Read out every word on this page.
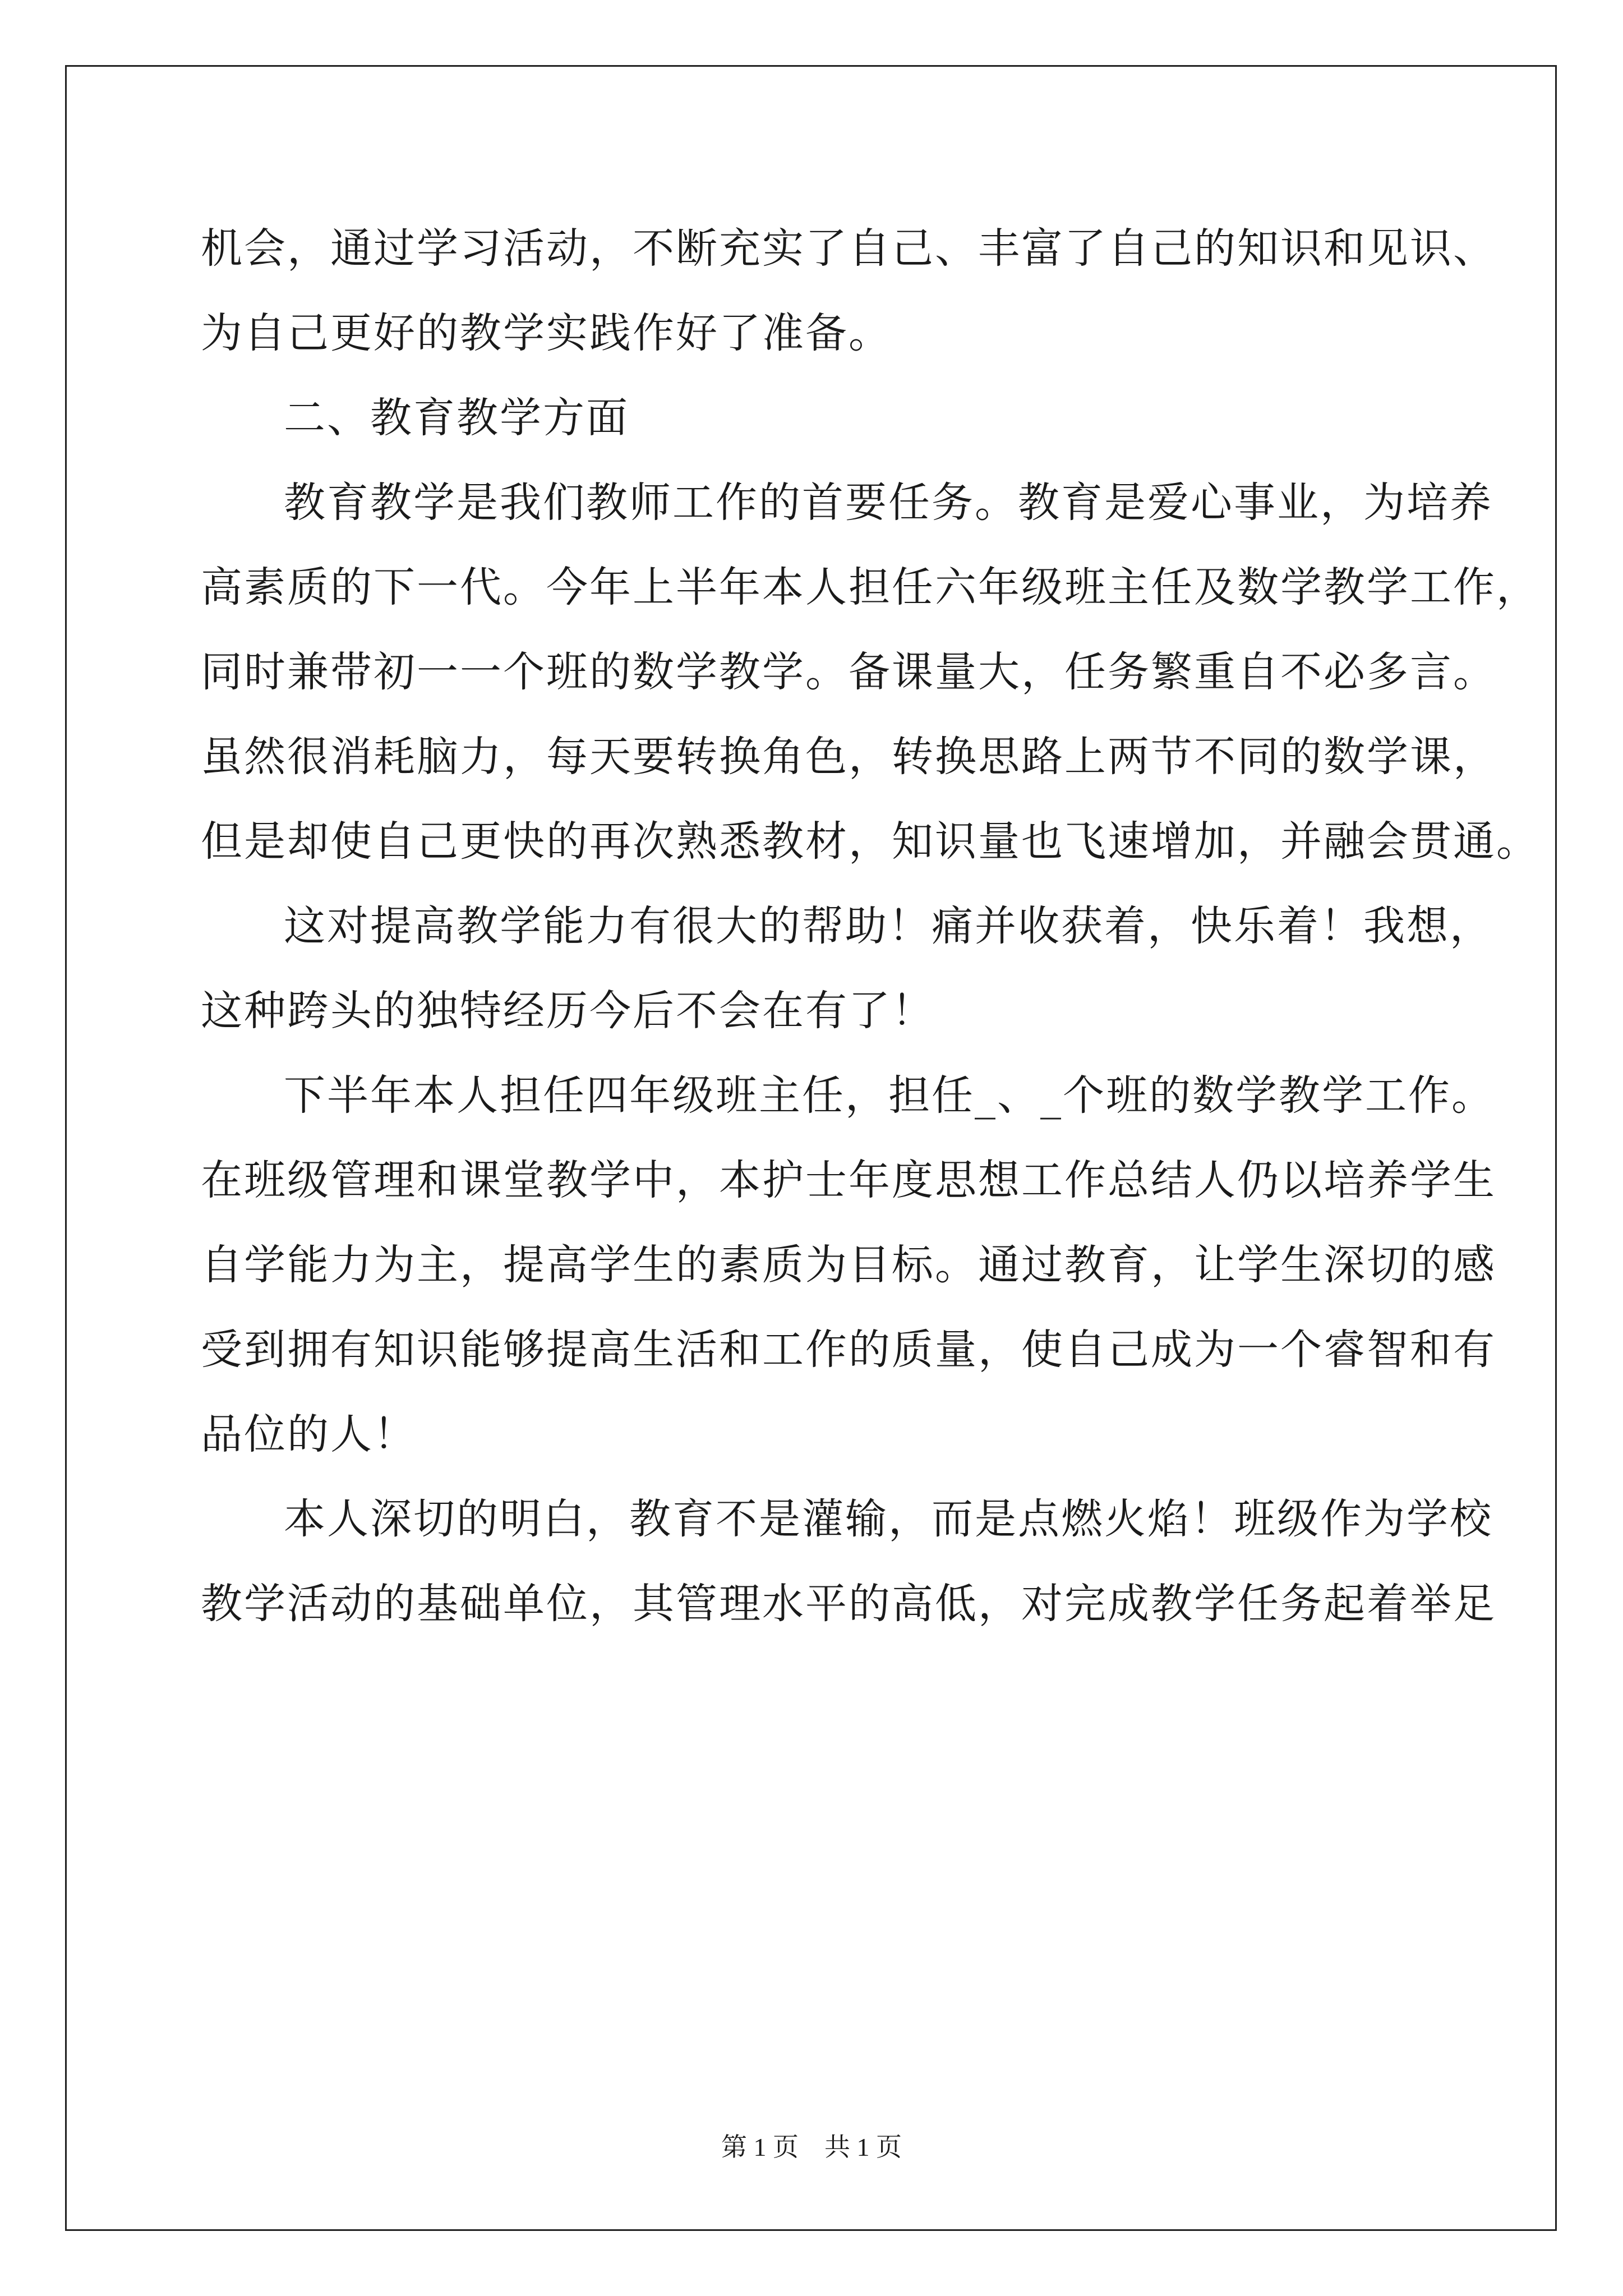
机会，通过学习活动，不断充实了自己、丰富了自己的知识和见识、
为自己更好的教学实践作好了准备。
二、教育教学方面
教育教学是我们教师工作的首要任务。教育是爱心事业，为培养
高素质的下一代。今年上半年本人担任六年级班主任及数学教学工作，
同时兼带初一一个班的数学教学。备课量大，任务繁重自不必多言。
虽然很消耗脑力，每天要转换角色，转换思路上两节不同的数学课，
但是却使自己更快的再次熟悉教材，知识量也飞速增加，并融会贯通。
这对提高教学能力有很大的帮助！痛并收获着，快乐着！我想，
这种跨头的独特经历今后不会在有了！
下半年本人担任四年级班主任，担任_、_个班的数学教学工作。
在班级管理和课堂教学中，本护士年度思想工作总结人仍以培养学生
自学能力为主，提高学生的素质为目标。通过教育，让学生深切的感
受到拥有知识能够提高生活和工作的质量，使自己成为一个睿智和有
品位的人！
本人深切的明白，教育不是灌输，而是点燃火焰！班级作为学校
教学活动的基础单位，其管理水平的高低，对完成教学任务起着举足
第 1 页　共 1 页
